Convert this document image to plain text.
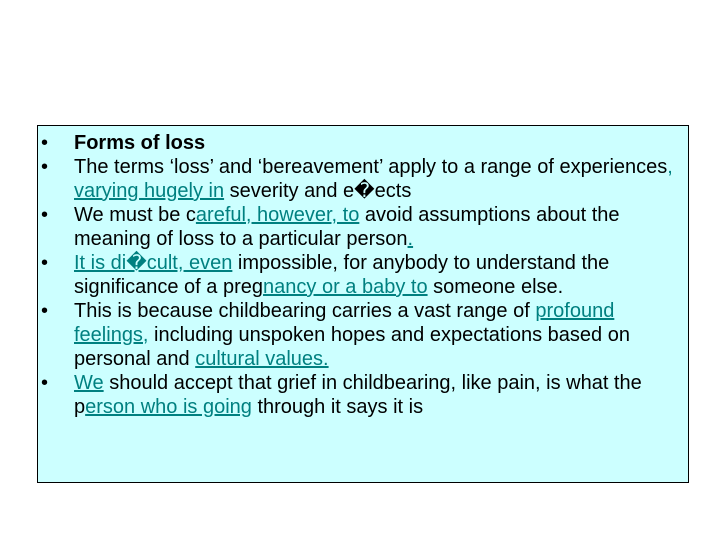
• Forms of loss
• The terms ‘loss’ and ‘bereavement’ apply to a range of experiences, varying hugely in severity and e�ects
• We must be careful, however, to avoid assumptions about the meaning of loss to a particular person.
• It is di�cult, even impossible, for anybody to understand the significance of a pregnancy or a baby to someone else.
• This is because childbearing carries a vast range of profound feelings, including unspoken hopes and expectations based on personal and cultural values.
• We should accept that grief in childbearing, like pain, is what the person who is going through it says it is
